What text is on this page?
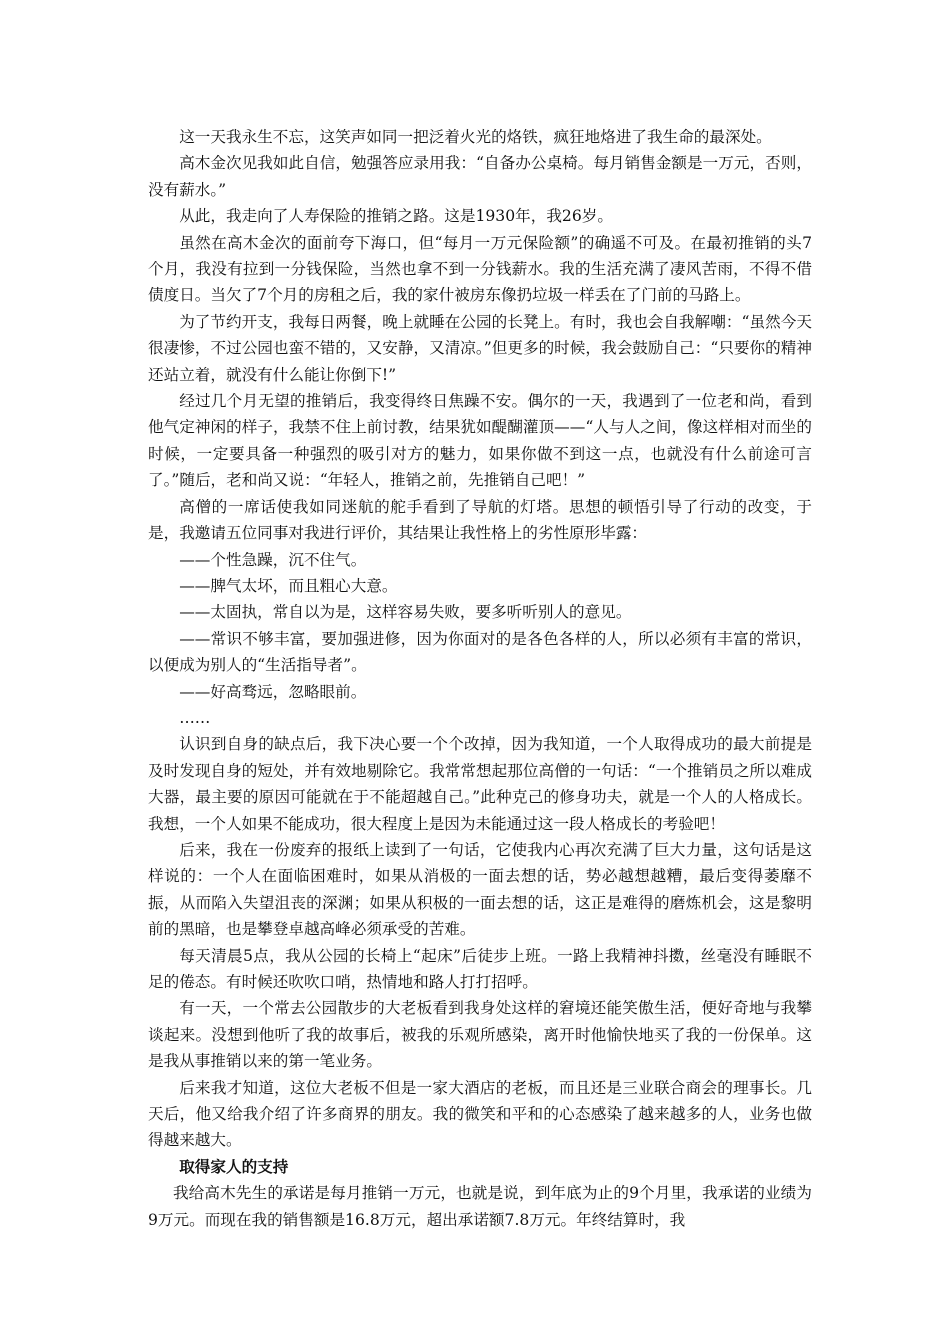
这一天我永生不忘，这笑声如同一把泛着火光的烙铁，疯狂地烙进了我生命的最深处。

高木金次见我如此自信，勉强答应录用我：“自备办公桌椅。每月销售金额是一万元，否则，没有薪水。”

从此，我走向了人寿保险的推销之路。这是1930年，我26岁。

虽然在高木金次的面前夸下海口，但“每月一万元保险额”的确遥不可及。在最初推销的头7个月，我没有拉到一分钱保险，当然也拿不到一分钱薪水。我的生活充满了凄风苦雨，不得不借债度日。当欠了7个月的房租之后，我的家什被房东像扔垃圾一样丢在了门前的马路上。

为了节约开支，我每日两餐，晚上就睡在公园的长凳上。有时，我也会自我解嘲：“虽然今天很凄惨，不过公园也蛮不错的，又安静，又清凉。”但更多的时候，我会鼓励自己：“只要你的精神还站立着，就没有什么能让你倒下!”

经过几个月无望的推销后，我变得终日焦躁不安。偶尔的一天，我遇到了一位老和尚，看到他气定神闲的样子，我禁不住上前讨教，结果犹如醍醐灌顶——“人与人之间，像这样相对而坐的时候，一定要具备一种强烈的吸引对方的魅力，如果你做不到这一点，也就没有什么前途可言了。”随后，老和尚又说：“年轻人，推销之前，先推销自己吧！”

高僧的一席话使我如同迷航的舵手看到了导航的灯塔。思想的顿悟引导了行动的改变，于是，我邀请五位同事对我进行评价，其结果让我性格上的劣性原形毕露：

——个性急躁，沉不住气。

——脾气太坏，而且粗心大意。

——太固执，常自以为是，这样容易失败，要多听听别人的意见。

——常识不够丰富，要加强进修，因为你面对的是各色各样的人，所以必须有丰富的常识，以便成为别人的“生活指导者”。

——好高骛远，忽略眼前。

……

认识到自身的缺点后，我下决心要一个个改掉，因为我知道，一个人取得成功的最大前提是及时发现自身的短处，并有效地剔除它。我常常想起那位高僧的一句话：“一个推销员之所以难成大器，最主要的原因可能就在于不能超越自己。”此种克己的修身功夫，就是一个人的人格成长。我想，一个人如果不能成功，很大程度上是因为未能通过这一段人格成长的考验吧！

后来，我在一份废弃的报纸上读到了一句话，它使我内心再次充满了巨大力量，这句话是这样说的：一个人在面临困难时，如果从消极的一面去想的话，势必越想越糟，最后变得萎靡不振，从而陷入失望沮丧的深渊；如果从积极的一面去想的话，这正是难得的磨炼机会，这是黎明前的黑暗，也是攀登卓越高峰必须承受的苦难。

每天清晨5点，我从公园的长椅上“起床”后徒步上班。一路上我精神抖擞，丝毫没有睡眠不足的倦态。有时候还吹吹口哨，热情地和路人打打招呼。

有一天，一个常去公园散步的大老板看到我身处这样的窘境还能笑傲生活，便好奇地与我攀谈起来。没想到他听了我的故事后，被我的乐观所感染，离开时他愉快地买了我的一份保单。这是我从事推销以来的第一笔业务。

后来我才知道，这位大老板不但是一家大酒店的老板，而且还是三业联合商会的理事长。几天后，他又给我介绍了许多商界的朋友。我的微笑和平和的心态感染了越来越多的人，业务也做得越来越大。

取得家人的支持

我给高木先生的承诺是每月推销一万元，也就是说，到年底为止的9个月里，我承诺的业绩为9万元。而现在我的销售额是16.8万元，超出承诺额7.8万元。年终结算时，我
